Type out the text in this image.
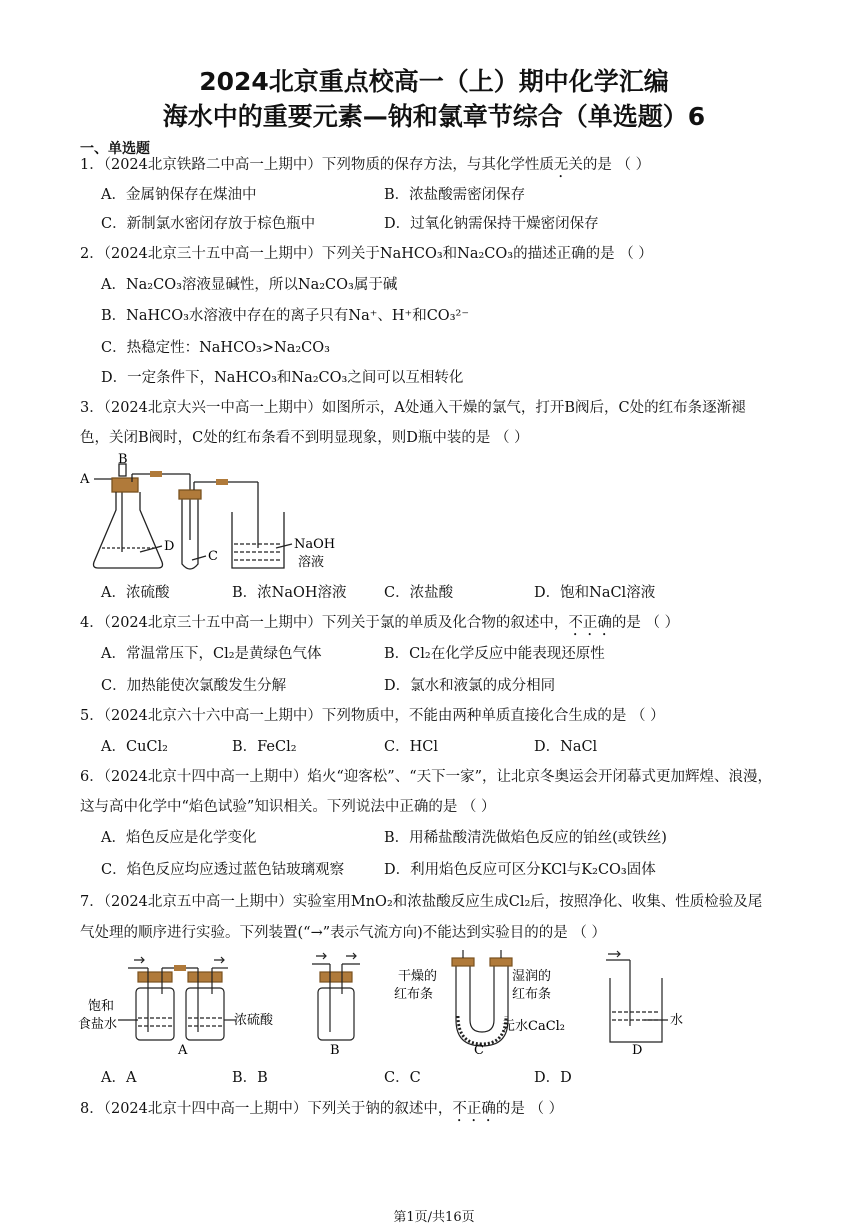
2024北京重点校高一（上）期中化学汇编
海水中的重要元素—钠和氯章节综合（单选题）6
一、单选题
1．（2024北京铁路二中高一上期中）下列物质的保存方法，与其化学性质无关的是 （ ）
A．金属钠保存在煤油中	B．浓盐酸需密闭保存
C．新制氯水密闭存放于棕色瓶中	D．过氧化钠需保持干燥密闭保存
2．（2024北京三十五中高一上期中）下列关于NaHCO₃和Na₂CO₃的描述正确的是 （ ）
A．Na₂CO₃溶液显碱性，所以Na₂CO₃属于碱
B．NaHCO₃水溶液中存在的离子只有Na⁺、H⁺和CO₃²⁻
C．热稳定性：NaHCO₃>Na₂CO₃
D．一定条件下，NaHCO₃和Na₂CO₃之间可以互相转化
3．（2024北京大兴一中高一上期中）如图所示，A处通入干燥的氯气，打开B阀后，C处的红布条逐渐褪
色，关闭B阀时，C处的红布条看不到明显现象，则D瓶中装的是 （ ）
A
B
D
C
NaOH
溶液
A．浓硫酸	B．浓NaOH溶液	C．浓盐酸	D．饱和NaCl溶液
4．（2024北京三十五中高一上期中）下列关于氯的单质及化合物的叙述中，不正确的是 （ ）
A．常温常压下，Cl₂是黄绿色气体	B．Cl₂在化学反应中能表现还原性
C．加热能使次氯酸发生分解	D．氯水和液氯的成分相同
5．（2024北京六十六中高一上期中）下列物质中，不能由两种单质直接化合生成的是 （ ）
A．CuCl₂	B．FeCl₂	C．HCl	D．NaCl
6．（2024北京十四中高一上期中）焰火“迎客松”、“天下一家”，让北京冬奥运会开闭幕式更加辉煌、浪漫，
这与高中化学中“焰色试验”知识相关。下列说法中正确的是 （ ）
A．焰色反应是化学变化	B．用稀盐酸清洗做焰色反应的铂丝(或铁丝)
C．焰色反应均应透过蓝色钴玻璃观察	D．利用焰色反应可区分KCl与K₂CO₃固体
7．（2024北京五中高一上期中）实验室用MnO₂和浓盐酸反应生成Cl₂后，按照净化、收集、性质检验及尾
气处理的顺序进行实验。下列装置(“→”表示气流方向)不能达到实验目的的是 （ ）
饱和
食盐水	浓硫酸
干燥的
红布条
湿润的
红布条
无水CaCl₂	水
A	B	C	D
A．A	B．B	C．C	D．D
8．（2024北京十四中高一上期中）下列关于钠的叙述中，不正确的是 （ ）
第1页/共16页
